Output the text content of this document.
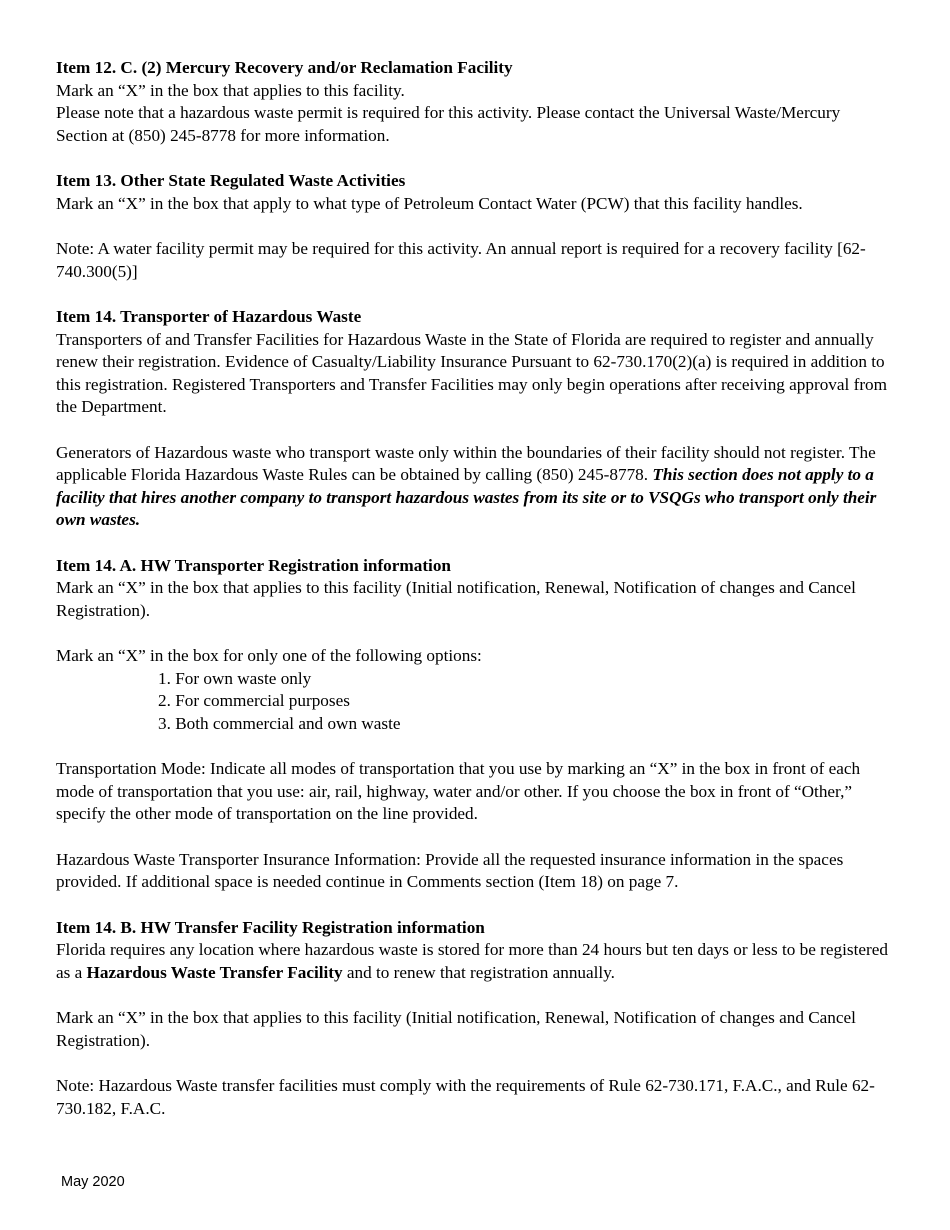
Item 12. C. (2) Mercury Recovery and/or Reclamation Facility

Mark an “X” in the box that applies to this facility.

Please note that a hazardous waste permit is required for this activity. Please contact the Universal Waste/Mercury Section at (850) 245-8778 for more information.

Item 13. Other State Regulated Waste Activities

Mark an “X” in the box that apply to what type of Petroleum Contact Water (PCW) that this facility handles.

Note: A water facility permit may be required for this activity. An annual report is required for a recovery facility [62-740.300(5)]

Item 14. Transporter of Hazardous Waste

Transporters of and Transfer Facilities for Hazardous Waste in the State of Florida are required to register and annually renew their registration. Evidence of Casualty/Liability Insurance Pursuant to 62-730.170(2)(a) is required in addition to this registration. Registered Transporters and Transfer Facilities may only begin operations after receiving approval from the Department.

Generators of Hazardous waste who transport waste only within the boundaries of their facility should not register. The applicable Florida Hazardous Waste Rules can be obtained by calling (850) 245-8778. This section does not apply to a facility that hires another company to transport hazardous wastes from its site or to VSQGs who transport only their own wastes.

Item 14. A. HW Transporter Registration information

Mark an “X” in the box that applies to this facility (Initial notification, Renewal, Notification of changes and Cancel Registration).

Mark an “X” in the box for only one of the following options:

1. For own waste only
2. For commercial purposes
3. Both commercial and own waste

Transportation Mode: Indicate all modes of transportation that you use by marking an “X” in the box in front of each mode of transportation that you use: air, rail, highway, water and/or other. If you choose the box in front of “Other,” specify the other mode of transportation on the line provided.

Hazardous Waste Transporter Insurance Information: Provide all the requested insurance information in the spaces provided. If additional space is needed continue in Comments section (Item 18) on page 7.

Item 14. B. HW Transfer Facility Registration information

Florida requires any location where hazardous waste is stored for more than 24 hours but ten days or less to be registered as a Hazardous Waste Transfer Facility and to renew that registration annually.

Mark an “X” in the box that applies to this facility (Initial notification, Renewal, Notification of changes and Cancel Registration).

Note: Hazardous Waste transfer facilities must comply with the requirements of Rule 62-730.171, F.A.C., and Rule 62-730.182, F.A.C.

May 2020
